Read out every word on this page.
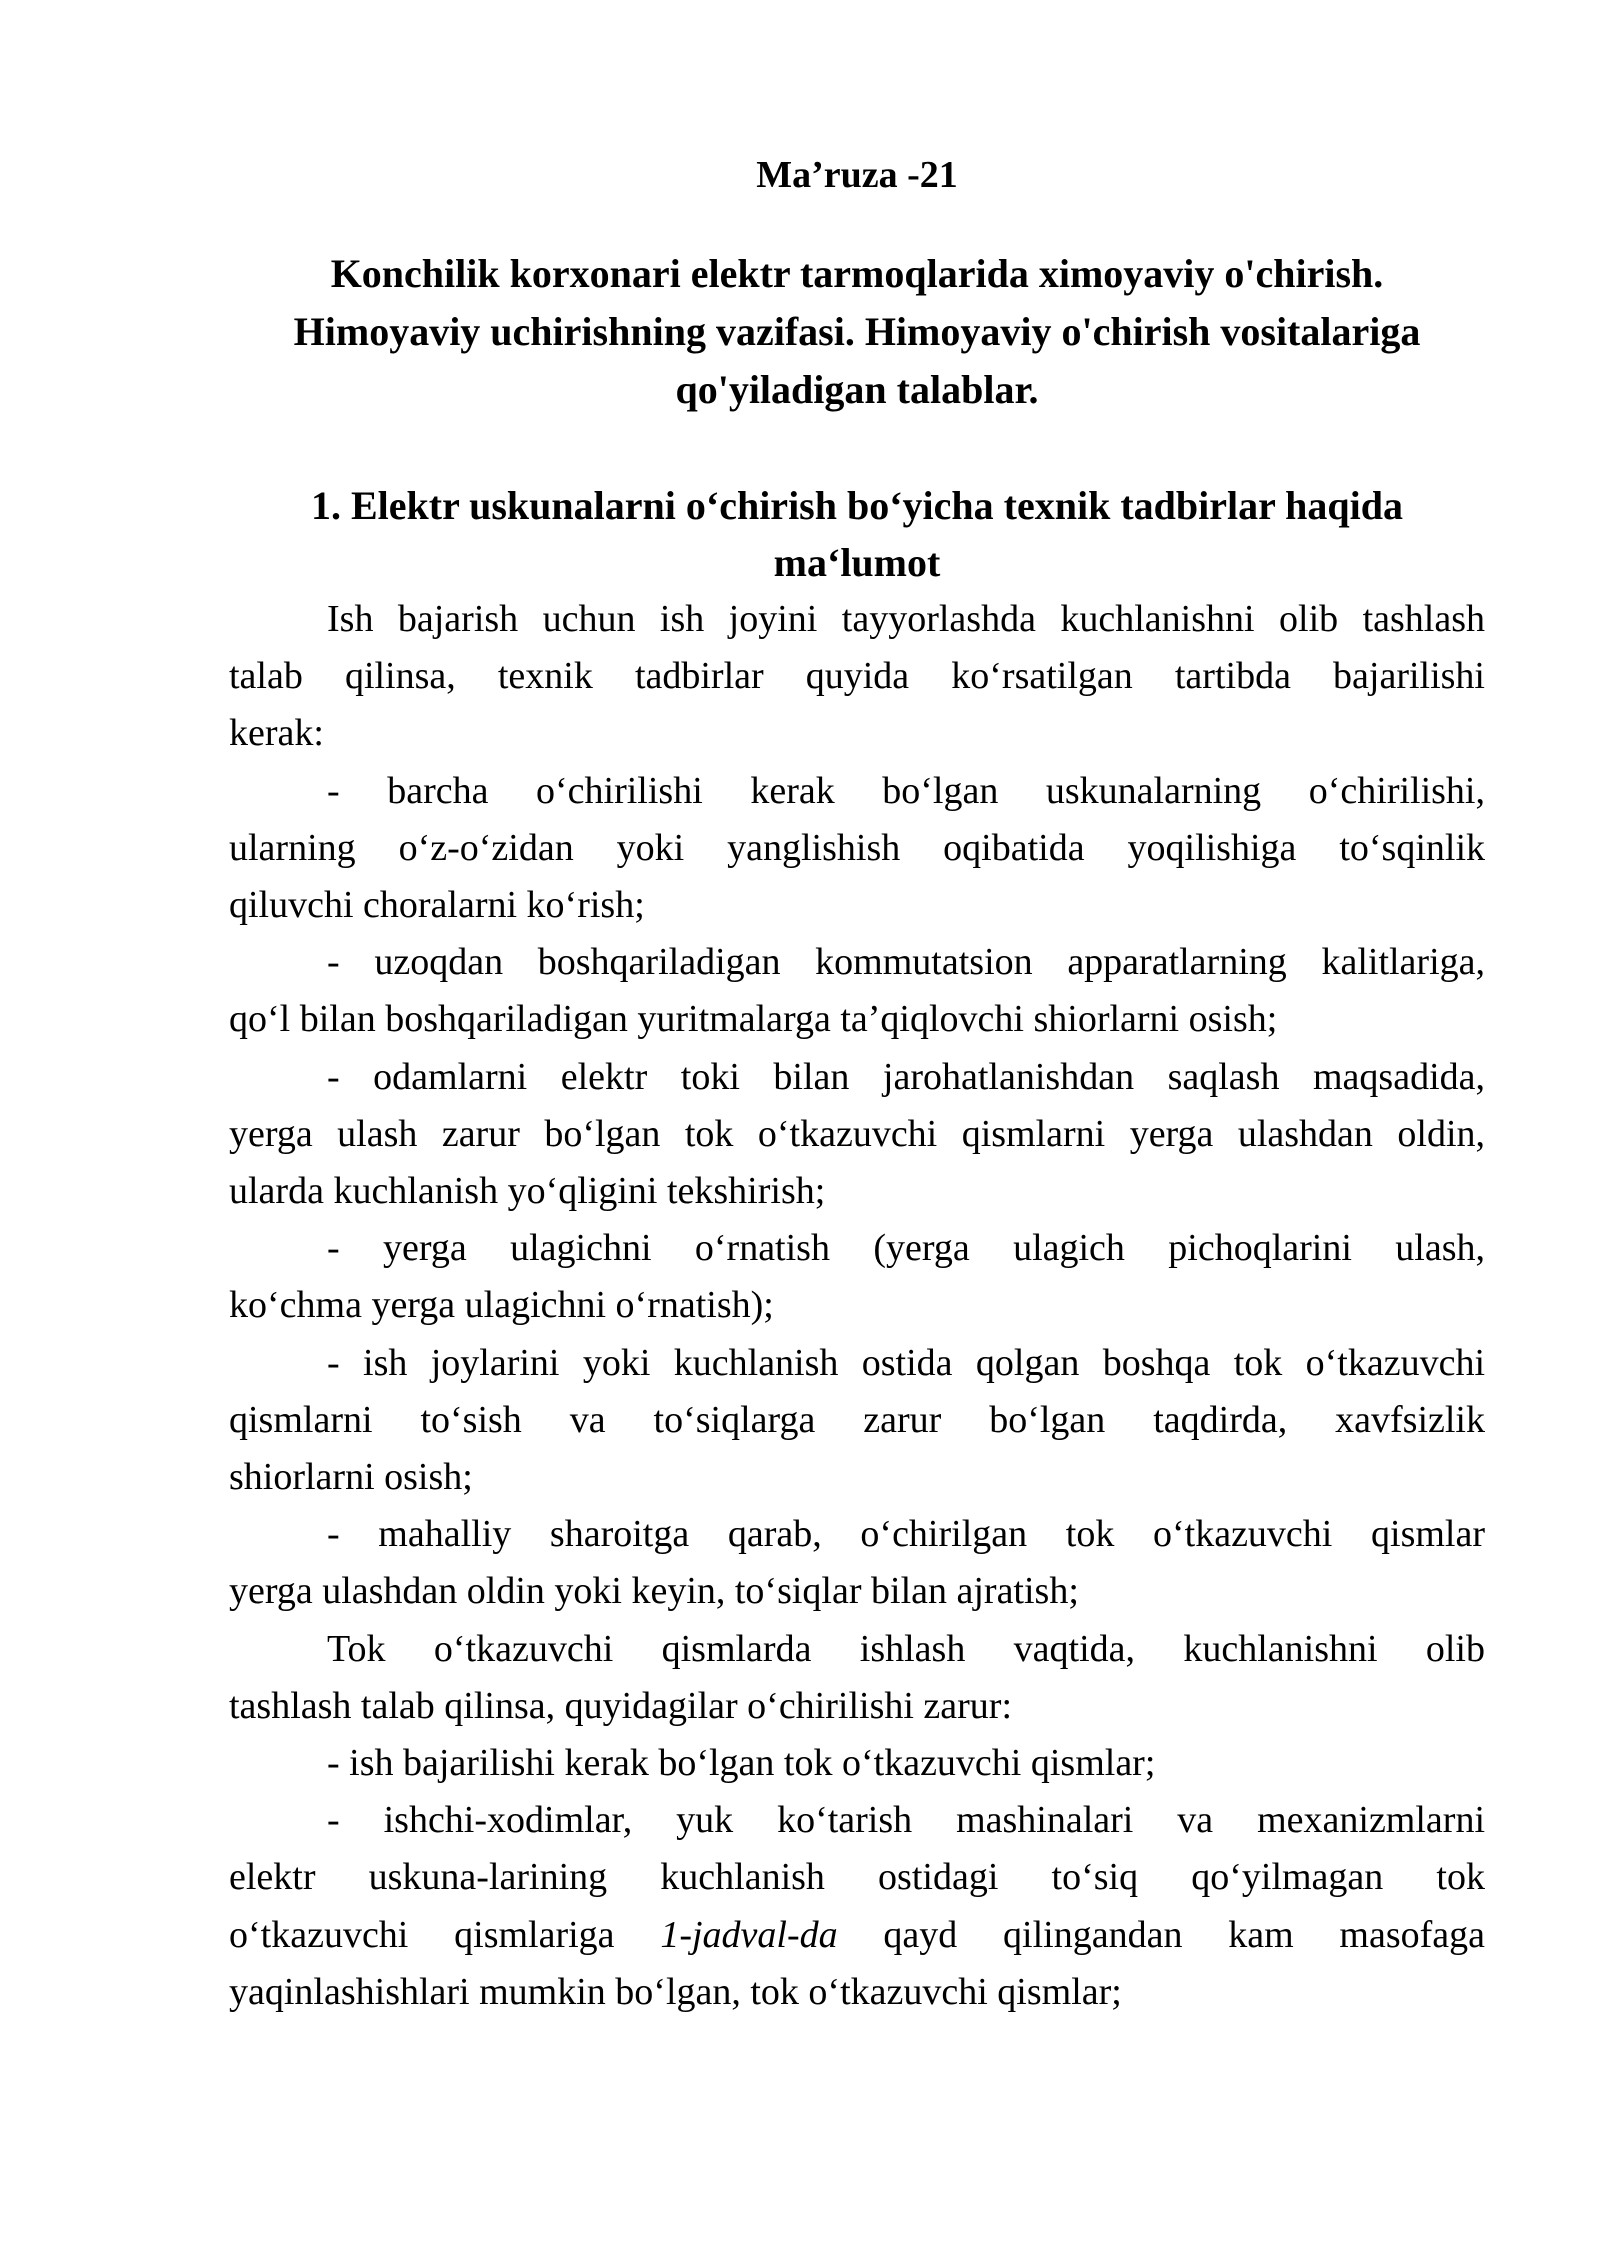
Ma’ruza -21
Konchilik korxonari elektr tarmoqlarida ximoyaviy o'chirish.
Himoyaviy uchirishning vazifasi. Himoyaviy o'chirish vositalariga
qo'yiladigan talablar.
1. Elektr uskunalarni o‘chirish bo‘yicha texnik tadbirlar haqida
ma‘lumot

Ish bajarish uchun ish joyini tayyorlashda kuchlanishni olib tashlash
talab qilinsa, texnik tadbirlar quyida ko‘rsatilgan tartibda bajarilishi
kerak:

- barcha o‘chirilishi kerak bo‘lgan uskunalarning o‘chirilishi,
ularning o‘z-o‘zidan yoki yanglishish oqibatida yoqilishiga to‘sqinlik
qiluvchi choralarni ko‘rish;

- uzoqdan boshqariladigan kommutatsion apparatlarning kalitlariga,
qo‘l bilan boshqariladigan yuritmalarga ta’qiqlovchi shiorlarni osish;

- odamlarni elektr toki bilan jarohatlanishdan saqlash maqsadida,
yerga ulash zarur bo‘lgan tok o‘tkazuvchi qismlarni yerga ulashdan oldin,
ularda kuchlanish yo‘qligini tekshirish;

- yerga ulagichni o‘rnatish (yerga ulagich pichoqlarini ulash,
ko‘chma yerga ulagichni o‘rnatish);

- ish joylarini yoki kuchlanish ostida qolgan boshqa tok o‘tkazuvchi
qismlarni to‘sish va to‘siqlarga zarur bo‘lgan taqdirda, xavfsizlik
shiorlarni osish;

- mahalliy sharoitga qarab, o‘chirilgan tok o‘tkazuvchi qismlar
yerga ulashdan oldin yoki keyin, to‘siqlar bilan ajratish;

Tok o‘tkazuvchi qismlarda ishlash vaqtida, kuchlanishni olib
tashlash talab qilinsa, quyidagilar o‘chirilishi zarur:

- ish bajarilishi kerak bo‘lgan tok o‘tkazuvchi qismlar;

- ishchi-xodimlar, yuk ko‘tarish mashinalari va mexanizmlarni
elektr uskuna-larining kuchlanish ostidagi to‘siq qo‘yilmagan tok
o‘tkazuvchi qismlariga 1-jadval-da qayd qilingandan kam masofaga
yaqinlashishlari mumkin bo‘lgan, tok o‘tkazuvchi qismlar;
